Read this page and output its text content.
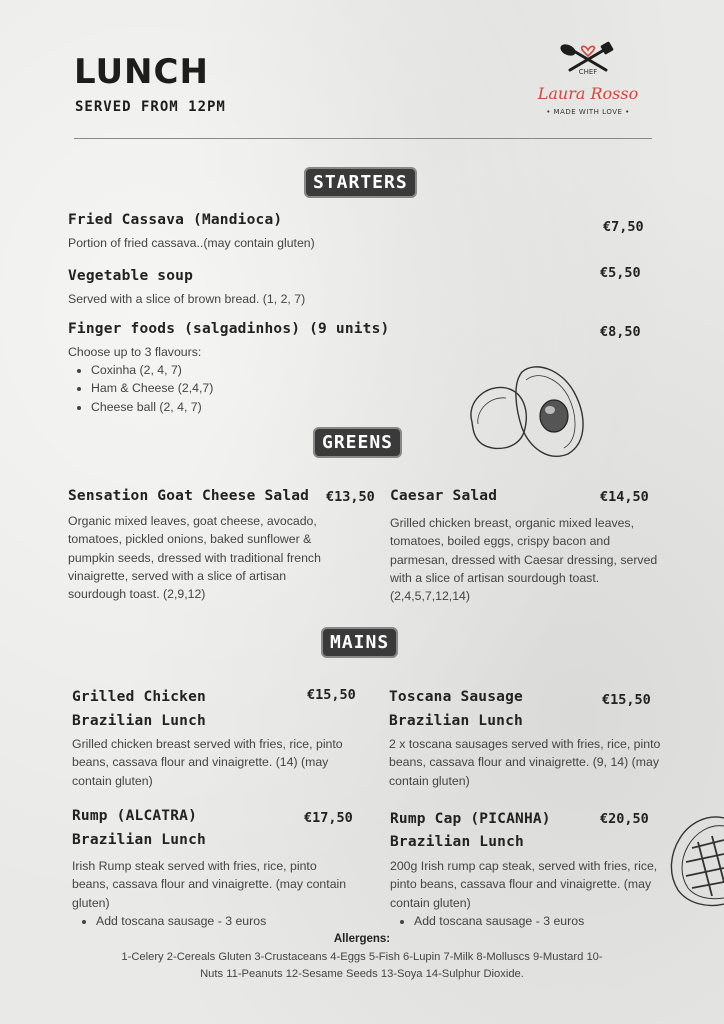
LUNCH
SERVED FROM 12PM
CHEF
Laura Rosso
• MADE WITH LOVE •
STARTERS
Fried Cassava (Mandioca)	€7,50
Portion of fried cassava..(may contain gluten)
Vegetable soup	€5,50
Served with a slice of brown bread. (1, 2, 7)
Finger foods (salgadinhos) (9 units)	€8,50
Choose up to 3 flavours:
• Coxinha (2, 4, 7)
• Ham & Cheese (2,4,7)
• Cheese ball (2, 4, 7)
GREENS
Sensation Goat Cheese Salad €13,50
Organic mixed leaves, goat cheese, avocado, tomatoes, pickled onions, baked sunflower & pumpkin seeds, dressed with traditional french vinaigrette, served with a slice of artisan sourdough toast. (2,9,12)
Caesar Salad	€14,50
Grilled chicken breast, organic mixed leaves, tomatoes, boiled eggs, crispy bacon and parmesan, dressed with Caesar dressing, served with a slice of artisan sourdough toast. (2,4,5,7,12,14)
MAINS
Grilled Chicken
Brazilian Lunch
€15,50
Grilled chicken breast served with fries, rice, pinto beans, cassava flour and vinaigrette. (14) (may contain gluten)
Toscana Sausage
Brazilian Lunch
€15,50
2 x toscana sausages served with fries, rice, pinto beans, cassava flour and vinaigrette. (9, 14) (may contain gluten)
Rump (ALCATRA)
Brazilian Lunch
€17,50
Irish Rump steak served with fries, rice, pinto beans, cassava flour and vinaigrette. (may contain gluten)
• Add toscana sausage - 3 euros
Rump Cap (PICANHA)
Brazilian Lunch
€20,50
200g Irish rump cap steak, served with fries, rice, pinto beans, cassava flour and vinaigrette. (may contain gluten)
• Add toscana sausage - 3 euros
Allergens:
1-Celery 2-Cereals Gluten 3-Crustaceans 4-Eggs 5-Fish 6-Lupin 7-Milk 8-Molluscs 9-Mustard 10-Nuts 11-Peanuts 12-Sesame Seeds 13-Soya 14-Sulphur Dioxide.
